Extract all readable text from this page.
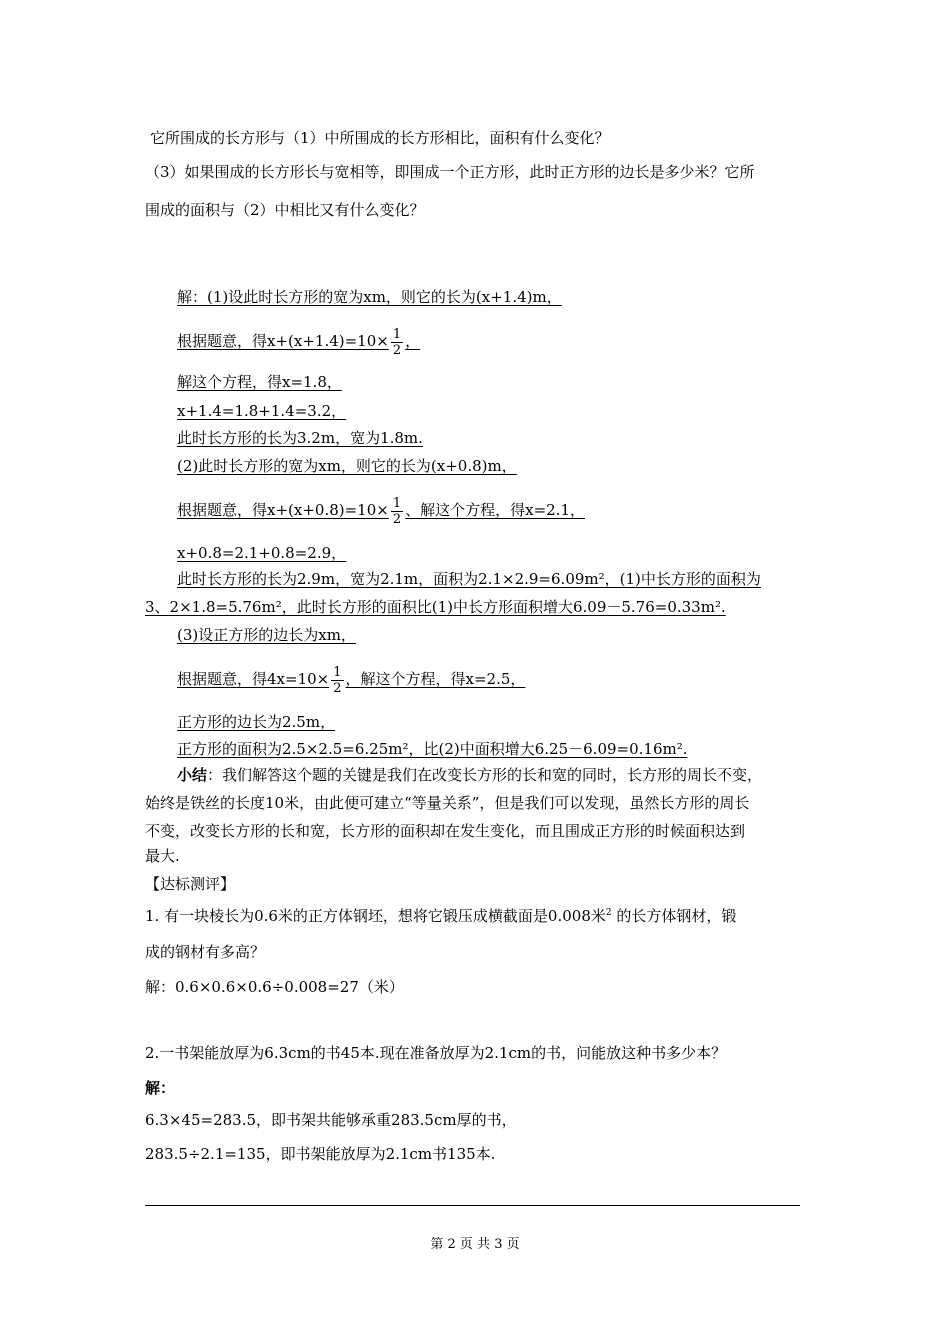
它所围成的长方形与（1）中所围成的长方形相比，面积有什么变化？
（3）如果围成的长方形长与宽相等，即围成一个正方形，此时正方形的边长是多少米？它所
围成的面积与（2）中相比又有什么变化？
解：(1)设此时长方形的宽为xm，则它的长为(x+1.4)m，
根据题意，得$x+(x+1.4)=10\times \frac{1}{2}$ ，
解这个方程，得x=1.8，
x+1.4=1.8+1.4=3.2，
此时长方形的长为3.2m，宽为1.8m.
(2)此时长方形的宽为xm，则它的长为(x+0.8)m，
根据题意，得$x+(x+0.8)=10\times \frac{1}{2}$ 、解这个方程，得x=2.1，
x+0.8=2.1+0.8=2.9，
此时长方形的长为2.9m，宽为2.1m，面积为2.1×2.9=6.09m²，(1)中长方形的面积为
3、2×1.8=5.76m²，此时长方形的面积比(1)中长方形面积增大6.09－5.76=0.33m².
(3)设正方形的边长为xm，
根据题意，得$4x=10\times \frac{1}{2}$ ，解这个方程，得x=2.5，
正方形的边长为2.5m，
正方形的面积为2.5×2.5=6.25m²，比(2)中面积增大6.25－6.09=0.16m².
小结：我们解答这个题的关键是我们在改变长方形的长和宽的同时，长方形的周长不变，
始终是铁丝的长度10米，由此便可建立“等量关系”，但是我们可以发现，虽然长方形的周长
不变，改变长方形的长和宽，长方形的面积却在发生变化，而且围成正方形的时候面积达到
最大.
【达标测评】
1. 有一块棱长为0.6米的正方体钢坯，想将它锻压成横截面是0.008米$^2$ 的长方体钢材，锻
成的钢材有多高？
解：0.6×0.6×0.6÷0.008=27（米）
2.一书架能放厚为6.3cm的书45本.现在准备放厚为2.1cm的书，问能放这种书多少本？
解：
6.3×45=283.5，即书架共能够承重283.5cm厚的书，
283.5÷2.1=135，即书架能放厚为2.1cm书135本.
第 2 页 共 3 页
